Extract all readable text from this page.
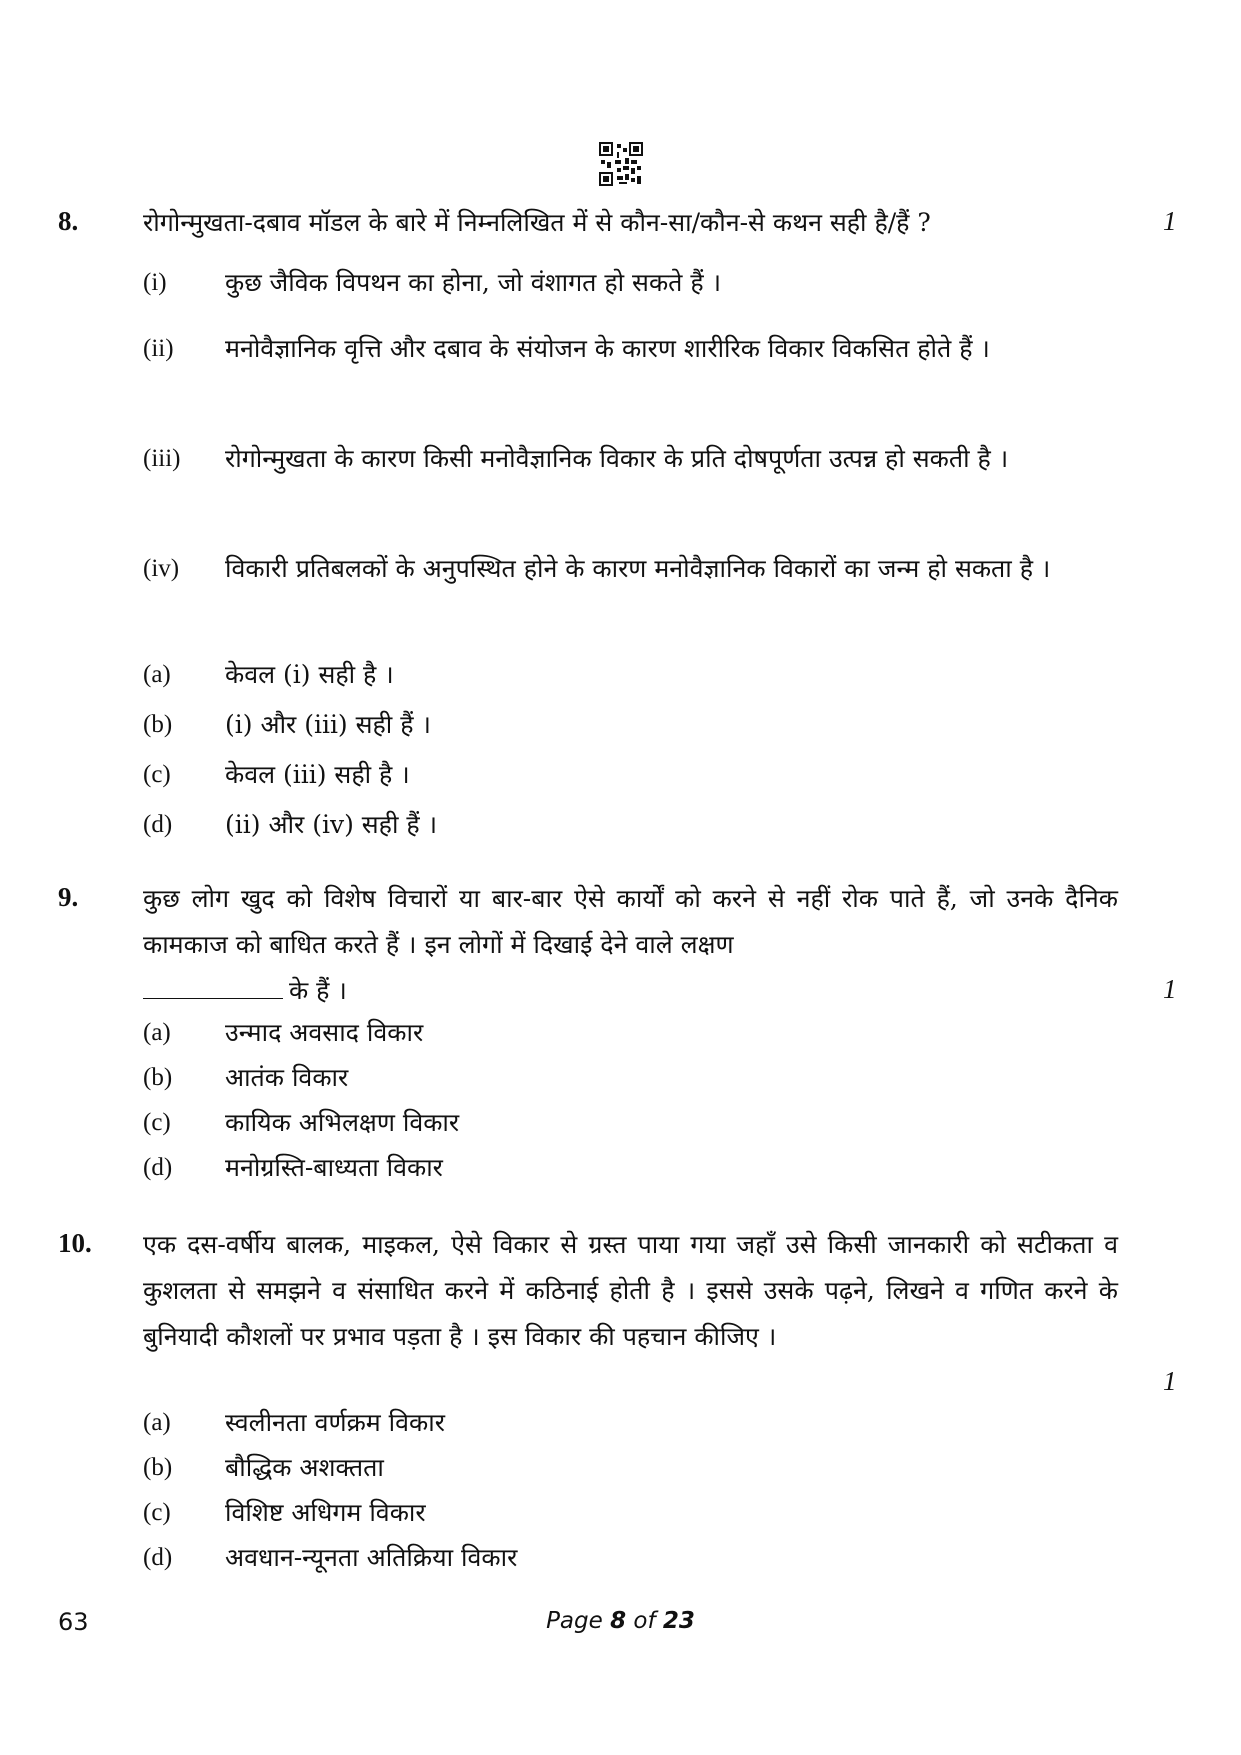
8.	रोगोन्मुखता-दबाव मॉडल के बारे में निम्नलिखित में से कौन-सा/कौन-से कथन सही है/हैं ?	1
(i) कुछ जैविक विपथन का होना, जो वंशागत हो सकते हैं ।
(ii) मनोवैज्ञानिक वृत्ति और दबाव के संयोजन के कारण शारीरिक विकार विकसित होते हैं ।
(iii) रोगोन्मुखता के कारण किसी मनोवैज्ञानिक विकार के प्रति दोषपूर्णता उत्पन्न हो सकती है ।
(iv) विकारी प्रतिबलकों के अनुपस्थित होने के कारण मनोवैज्ञानिक विकारों का जन्म हो सकता है ।
(a) केवल (i) सही है ।
(b) (i) और (iii) सही हैं ।
(c) केवल (iii) सही है ।
(d) (ii) और (iv) सही हैं ।
9.	कुछ लोग खुद को विशेष विचारों या बार-बार ऐसे कार्यों को करने से नहीं रोक पाते हैं, जो उनके दैनिक कामकाज को बाधित करते हैं । इन लोगों में दिखाई देने वाले लक्षण
के हैं ।	1
(a) उन्माद अवसाद विकार
(b) आतंक विकार
(c) कायिक अभिलक्षण विकार
(d) मनोग्रस्ति-बाध्यता विकार
10. एक दस-वर्षीय बालक, माइकल, ऐसे विकार से ग्रस्त पाया गया जहाँ उसे किसी जानकारी को सटीकता व कुशलता से समझने व संसाधित करने में कठिनाई होती है । इससे उसके पढ़ने, लिखने व गणित करने के बुनियादी कौशलों पर प्रभाव पड़ता है । इस विकार की पहचान कीजिए ।
1
(a) स्वलीनता वर्णक्रम विकार
(b) बौद्धिक अशक्तता
(c) विशिष्ट अधिगम विकार
(d) अवधान-न्यूनता अतिक्रिया विकार
63	Page 8 of 23
